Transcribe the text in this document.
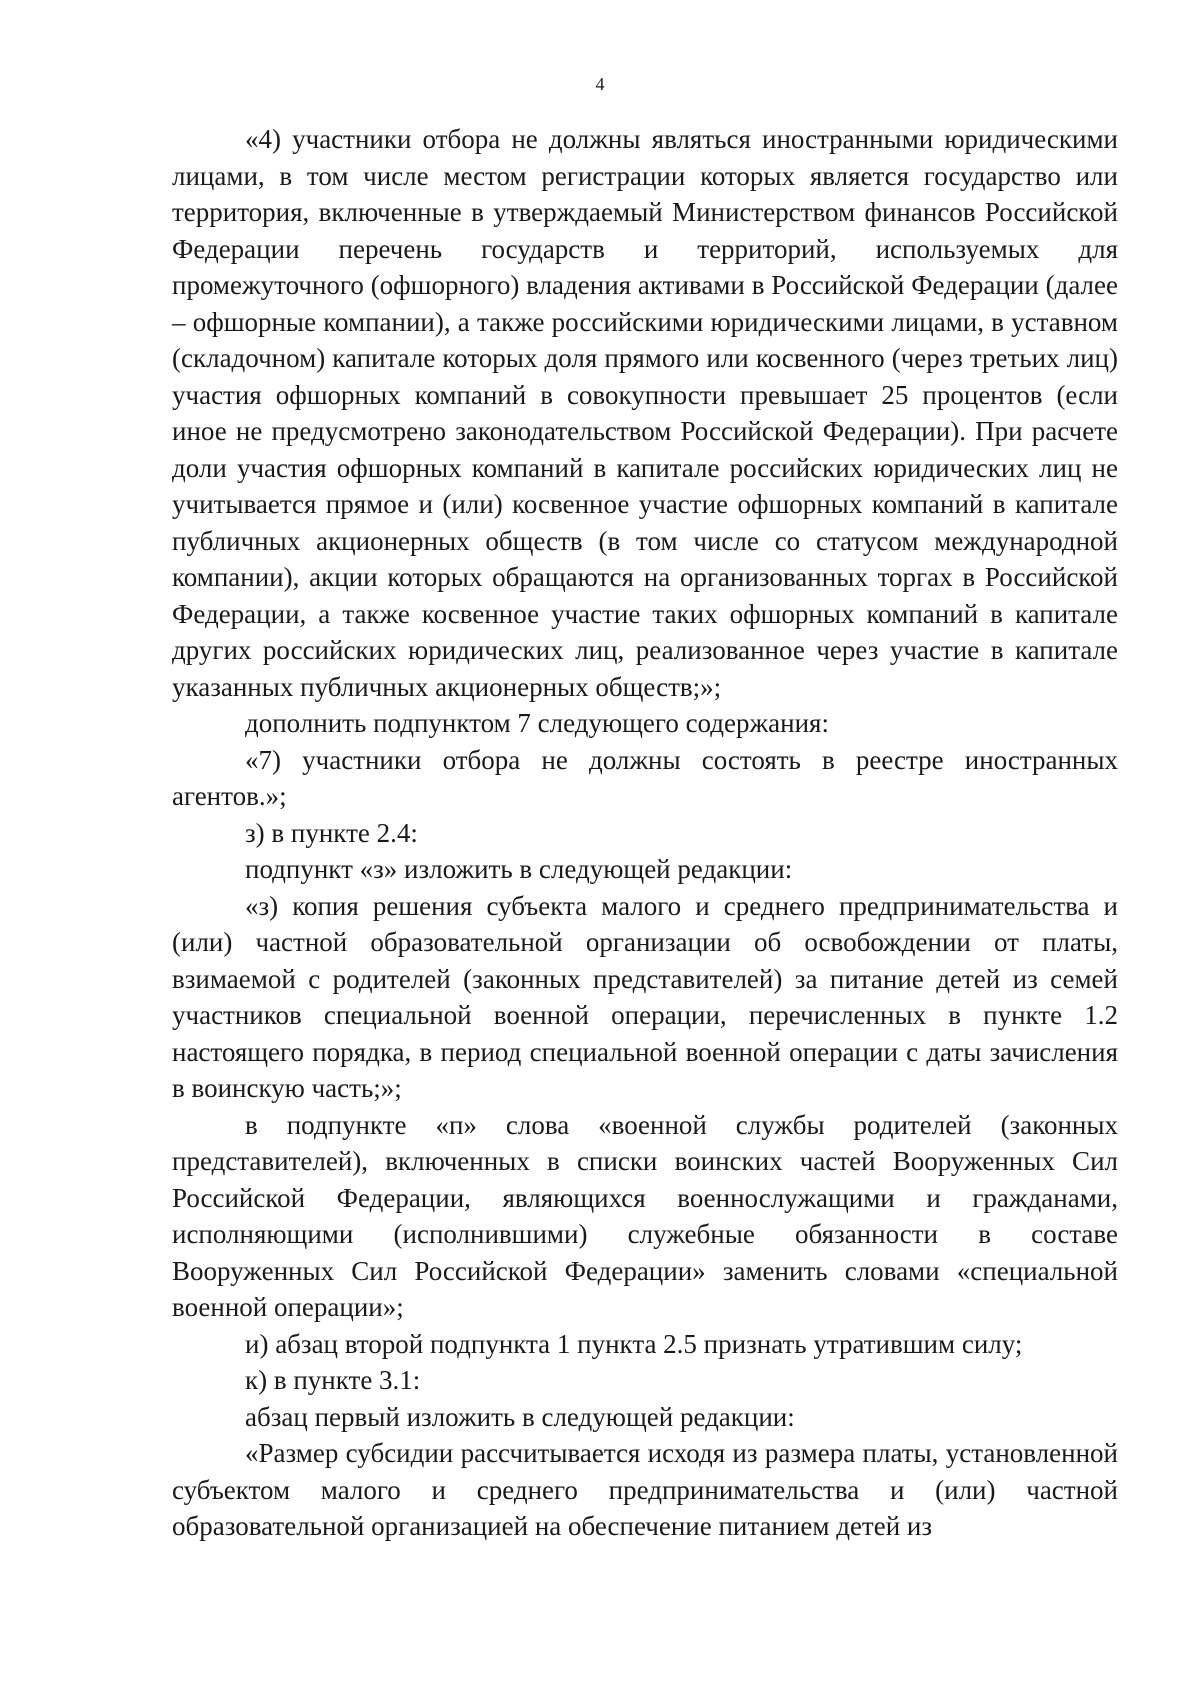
4

«4) участники отбора не должны являться иностранными юридическими лицами, в том числе местом регистрации которых является государство или территория, включенные в утверждаемый Министерством финансов Российской Федерации перечень государств и территорий, используемых для промежуточного (офшорного) владения активами в Российской Федерации (далее – офшорные компании), а также российскими юридическими лицами, в уставном (складочном) капитале которых доля прямого или косвенного (через третьих лиц) участия офшорных компаний в совокупности превышает 25 процентов (если иное не предусмотрено законодательством Российской Федерации). При расчете доли участия офшорных компаний в капитале российских юридических лиц не учитывается прямое и (или) косвенное участие офшорных компаний в капитале публичных акционерных обществ (в том числе со статусом международной компании), акции которых обращаются на организованных торгах в Российской Федерации, а также косвенное участие таких офшорных компаний в капитале других российских юридических лиц, реализованное через участие в капитале указанных публичных акционерных обществ;»;

дополнить подпунктом 7 следующего содержания:

«7) участники отбора не должны состоять в реестре иностранных агентов.»;

з) в пункте 2.4:

подпункт «з» изложить в следующей редакции:

«з) копия решения субъекта малого и среднего предпринимательства и (или) частной образовательной организации об освобождении от платы, взимаемой с родителей (законных представителей) за питание детей из семей участников специальной военной операции, перечисленных в пункте 1.2 настоящего порядка, в период специальной военной операции с даты зачисления в воинскую часть;»;

в подпункте «п» слова «военной службы родителей (законных представителей), включенных в списки воинских частей Вооруженных Сил Российской Федерации, являющихся военнослужащими и гражданами, исполняющими (исполнившими) служебные обязанности в составе Вооруженных Сил Российской Федерации» заменить словами «специальной военной операции»;

и) абзац второй подпункта 1 пункта 2.5 признать утратившим силу;

к) в пункте 3.1:

абзац первый изложить в следующей редакции:

«Размер субсидии рассчитывается исходя из размера платы, установленной субъектом малого и среднего предпринимательства и (или) частной образовательной организацией на обеспечение питанием детей из
